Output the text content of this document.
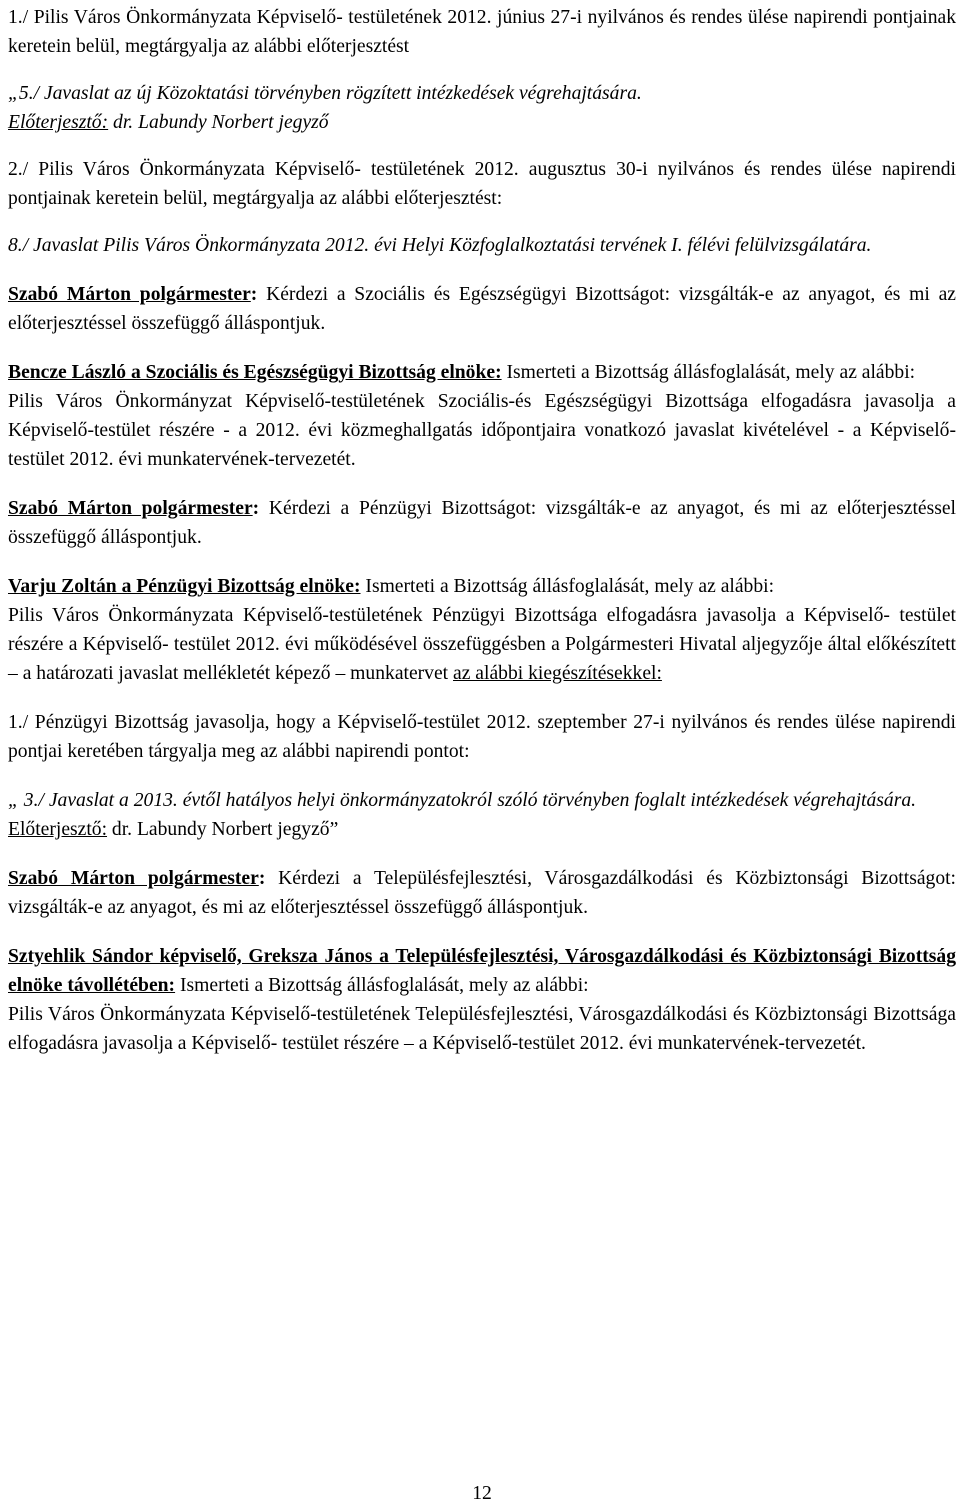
1./ Pilis Város Önkormányzata Képviselő- testületének 2012. június 27-i nyilvános és rendes ülése napirendi pontjainak keretein belül, megtárgyalja az alábbi előterjesztést

„5./ Javaslat az új Közoktatási törvényben rögzített intézkedések végrehajtására.
Előterjesztő: dr. Labundy Norbert jegyző

2./ Pilis Város Önkormányzata Képviselő- testületének 2012. augusztus 30-i nyilvános és rendes ülése napirendi pontjainak keretein belül, megtárgyalja az alábbi előterjesztést:

8./ Javaslat Pilis Város Önkormányzata 2012. évi Helyi Közfoglalkoztatási tervének I. félévi felülvizsgálatára.

Szabó Márton polgármester: Kérdezi a Szociális és Egészségügyi Bizottságot: vizsgálták-e az anyagot, és mi az előterjesztéssel összefüggő álláspontjuk.

Bencze László a Szociális és Egészségügyi Bizottság elnöke: Ismerteti a Bizottság állásfoglalását, mely az alábbi:
Pilis Város Önkormányzat Képviselő-testületének Szociális-és Egészségügyi Bizottsága elfogadásra javasolja a Képviselő-testület részére - a 2012. évi közmeghallgatás időpontjaira vonatkozó javaslat kivételével - a Képviselő-testület 2012. évi munkatervének-tervezetét.

Szabó Márton polgármester: Kérdezi a Pénzügyi Bizottságot: vizsgálták-e az anyagot, és mi az előterjesztéssel összefüggő álláspontjuk.

Varju Zoltán a Pénzügyi Bizottság elnöke: Ismerteti a Bizottság állásfoglalását, mely az alábbi:
Pilis Város Önkormányzata Képviselő-testületének Pénzügyi Bizottsága elfogadásra javasolja a Képviselő- testület részére a Képviselő- testület 2012. évi működésével összefüggésben a Polgármesteri Hivatal aljegyzője által előkészített – a határozati javaslat mellékletét képező – munkatervet az alábbi kiegészítésekkel:

1./ Pénzügyi Bizottság javasolja, hogy a Képviselő-testület 2012. szeptember 27-i nyilvános és rendes ülése napirendi pontjai keretében tárgyalja meg az alábbi napirendi pontot:

„ 3./ Javaslat a 2013. évtől hatályos helyi önkormányzatokról szóló törvényben foglalt intézkedések végrehajtására.
Előterjesztő: dr. Labundy Norbert jegyző”

Szabó Márton polgármester: Kérdezi a Településfejlesztési, Városgazdálkodási és Közbiztonsági Bizottságot: vizsgálták-e az anyagot, és mi az előterjesztéssel összefüggő álláspontjuk.

Sztyehlik Sándor képviselő, Greksza János a Településfejlesztési, Városgazdálkodási és Közbiztonsági Bizottság elnöke távollétében: Ismerteti a Bizottság állásfoglalását, mely az alábbi:
Pilis Város Önkormányzata Képviselő-testületének Településfejlesztési, Városgazdálkodási és Közbiztonsági Bizottsága elfogadásra javasolja a Képviselő- testület részére – a Képviselő-testület 2012. évi munkatervének-tervezetét.

12
